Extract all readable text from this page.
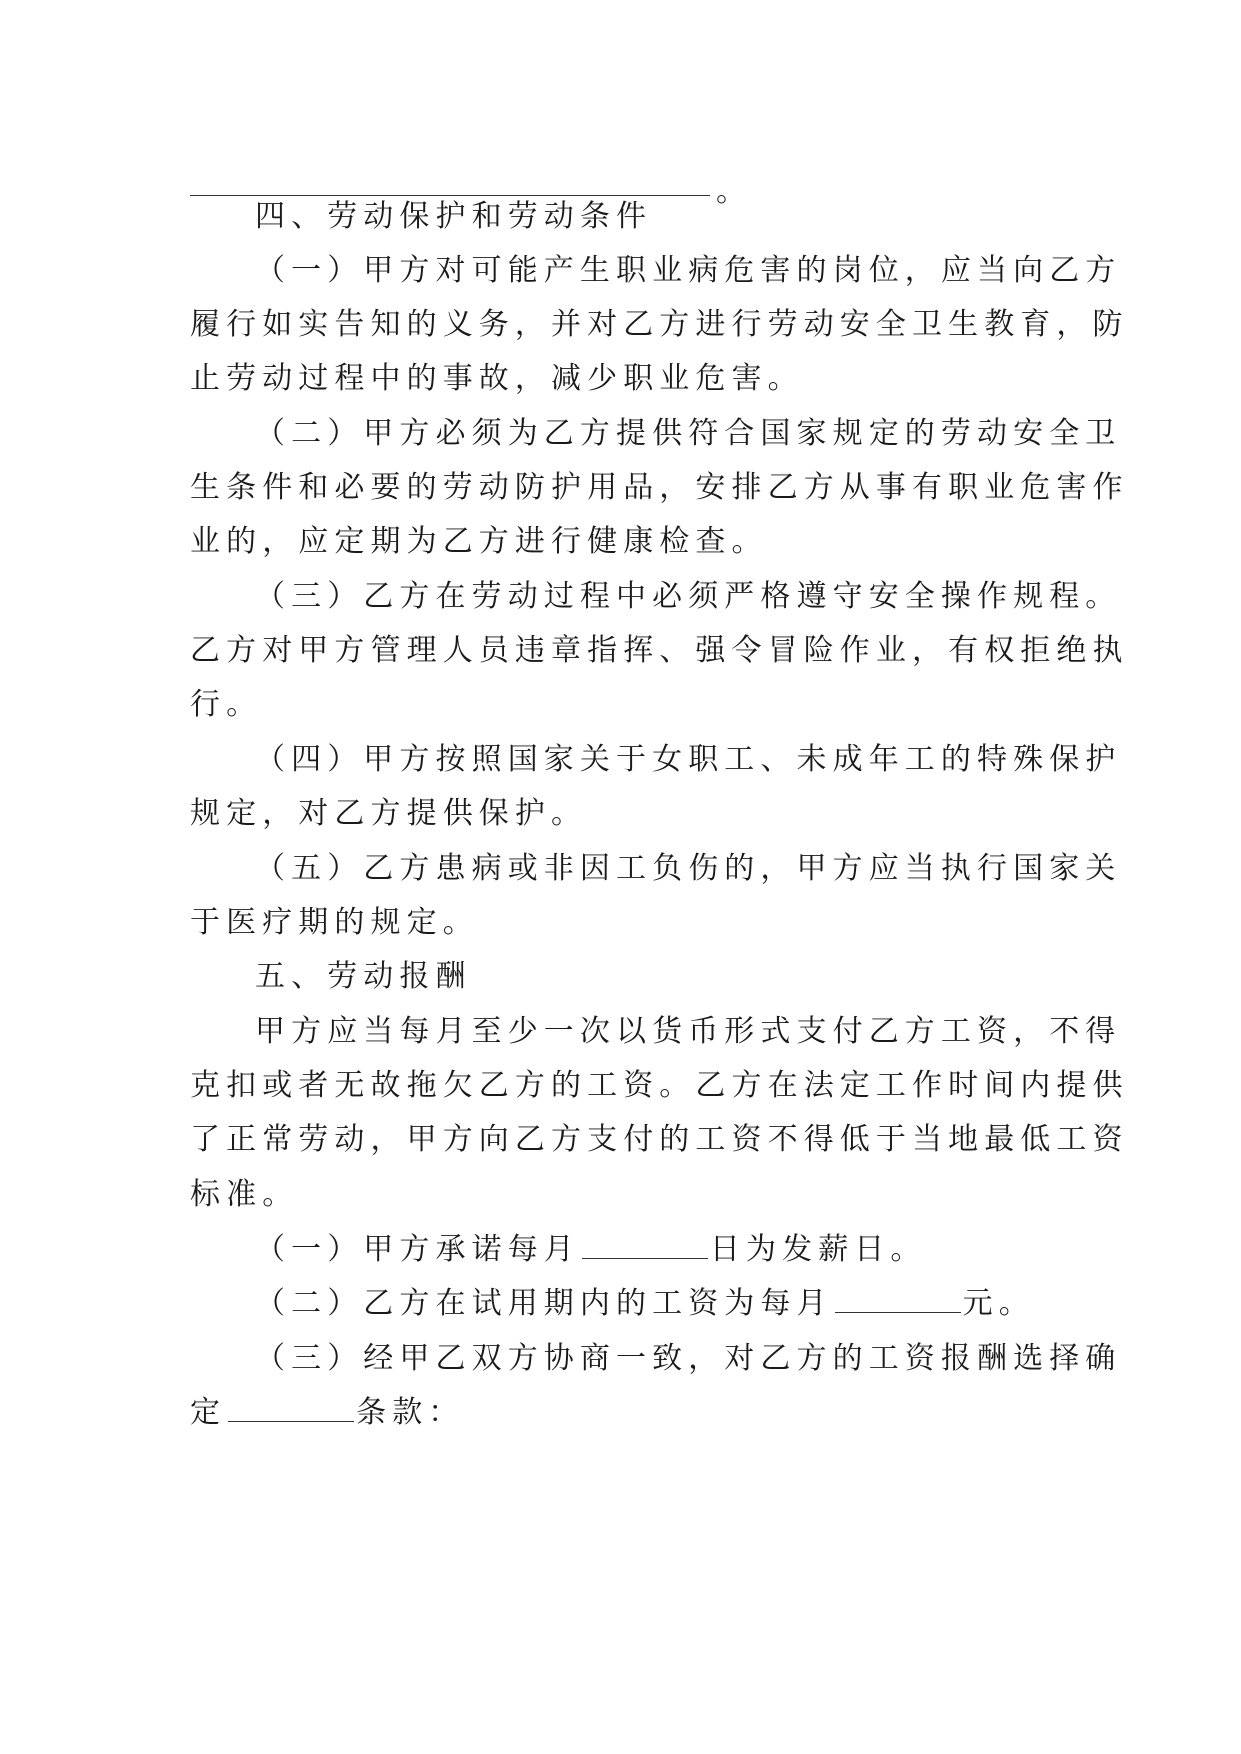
。
四、劳动保护和劳动条件
（一）甲方对可能产生职业病危害的岗位，应当向乙方
履行如实告知的义务，并对乙方进行劳动安全卫生教育，防
止劳动过程中的事故，减少职业危害。
（二）甲方必须为乙方提供符合国家规定的劳动安全卫
生条件和必要的劳动防护用品，安排乙方从事有职业危害作
业的，应定期为乙方进行健康检查。
（三）乙方在劳动过程中必须严格遵守安全操作规程。
乙方对甲方管理人员违章指挥、强令冒险作业，有权拒绝执
行。
（四）甲方按照国家关于女职工、未成年工的特殊保护
规定，对乙方提供保护。
（五）乙方患病或非因工负伤的，甲方应当执行国家关
于医疗期的规定。
五、劳动报酬
甲方应当每月至少一次以货币形式支付乙方工资，不得
克扣或者无故拖欠乙方的工资。乙方在法定工作时间内提供
了正常劳动，甲方向乙方支付的工资不得低于当地最低工资
标准。
（一）甲方承诺每月	日为发薪日。
（二）乙方在试用期内的工资为每月	元。
（三）经甲乙双方协商一致，对乙方的工资报酬选择确
定	条款：
